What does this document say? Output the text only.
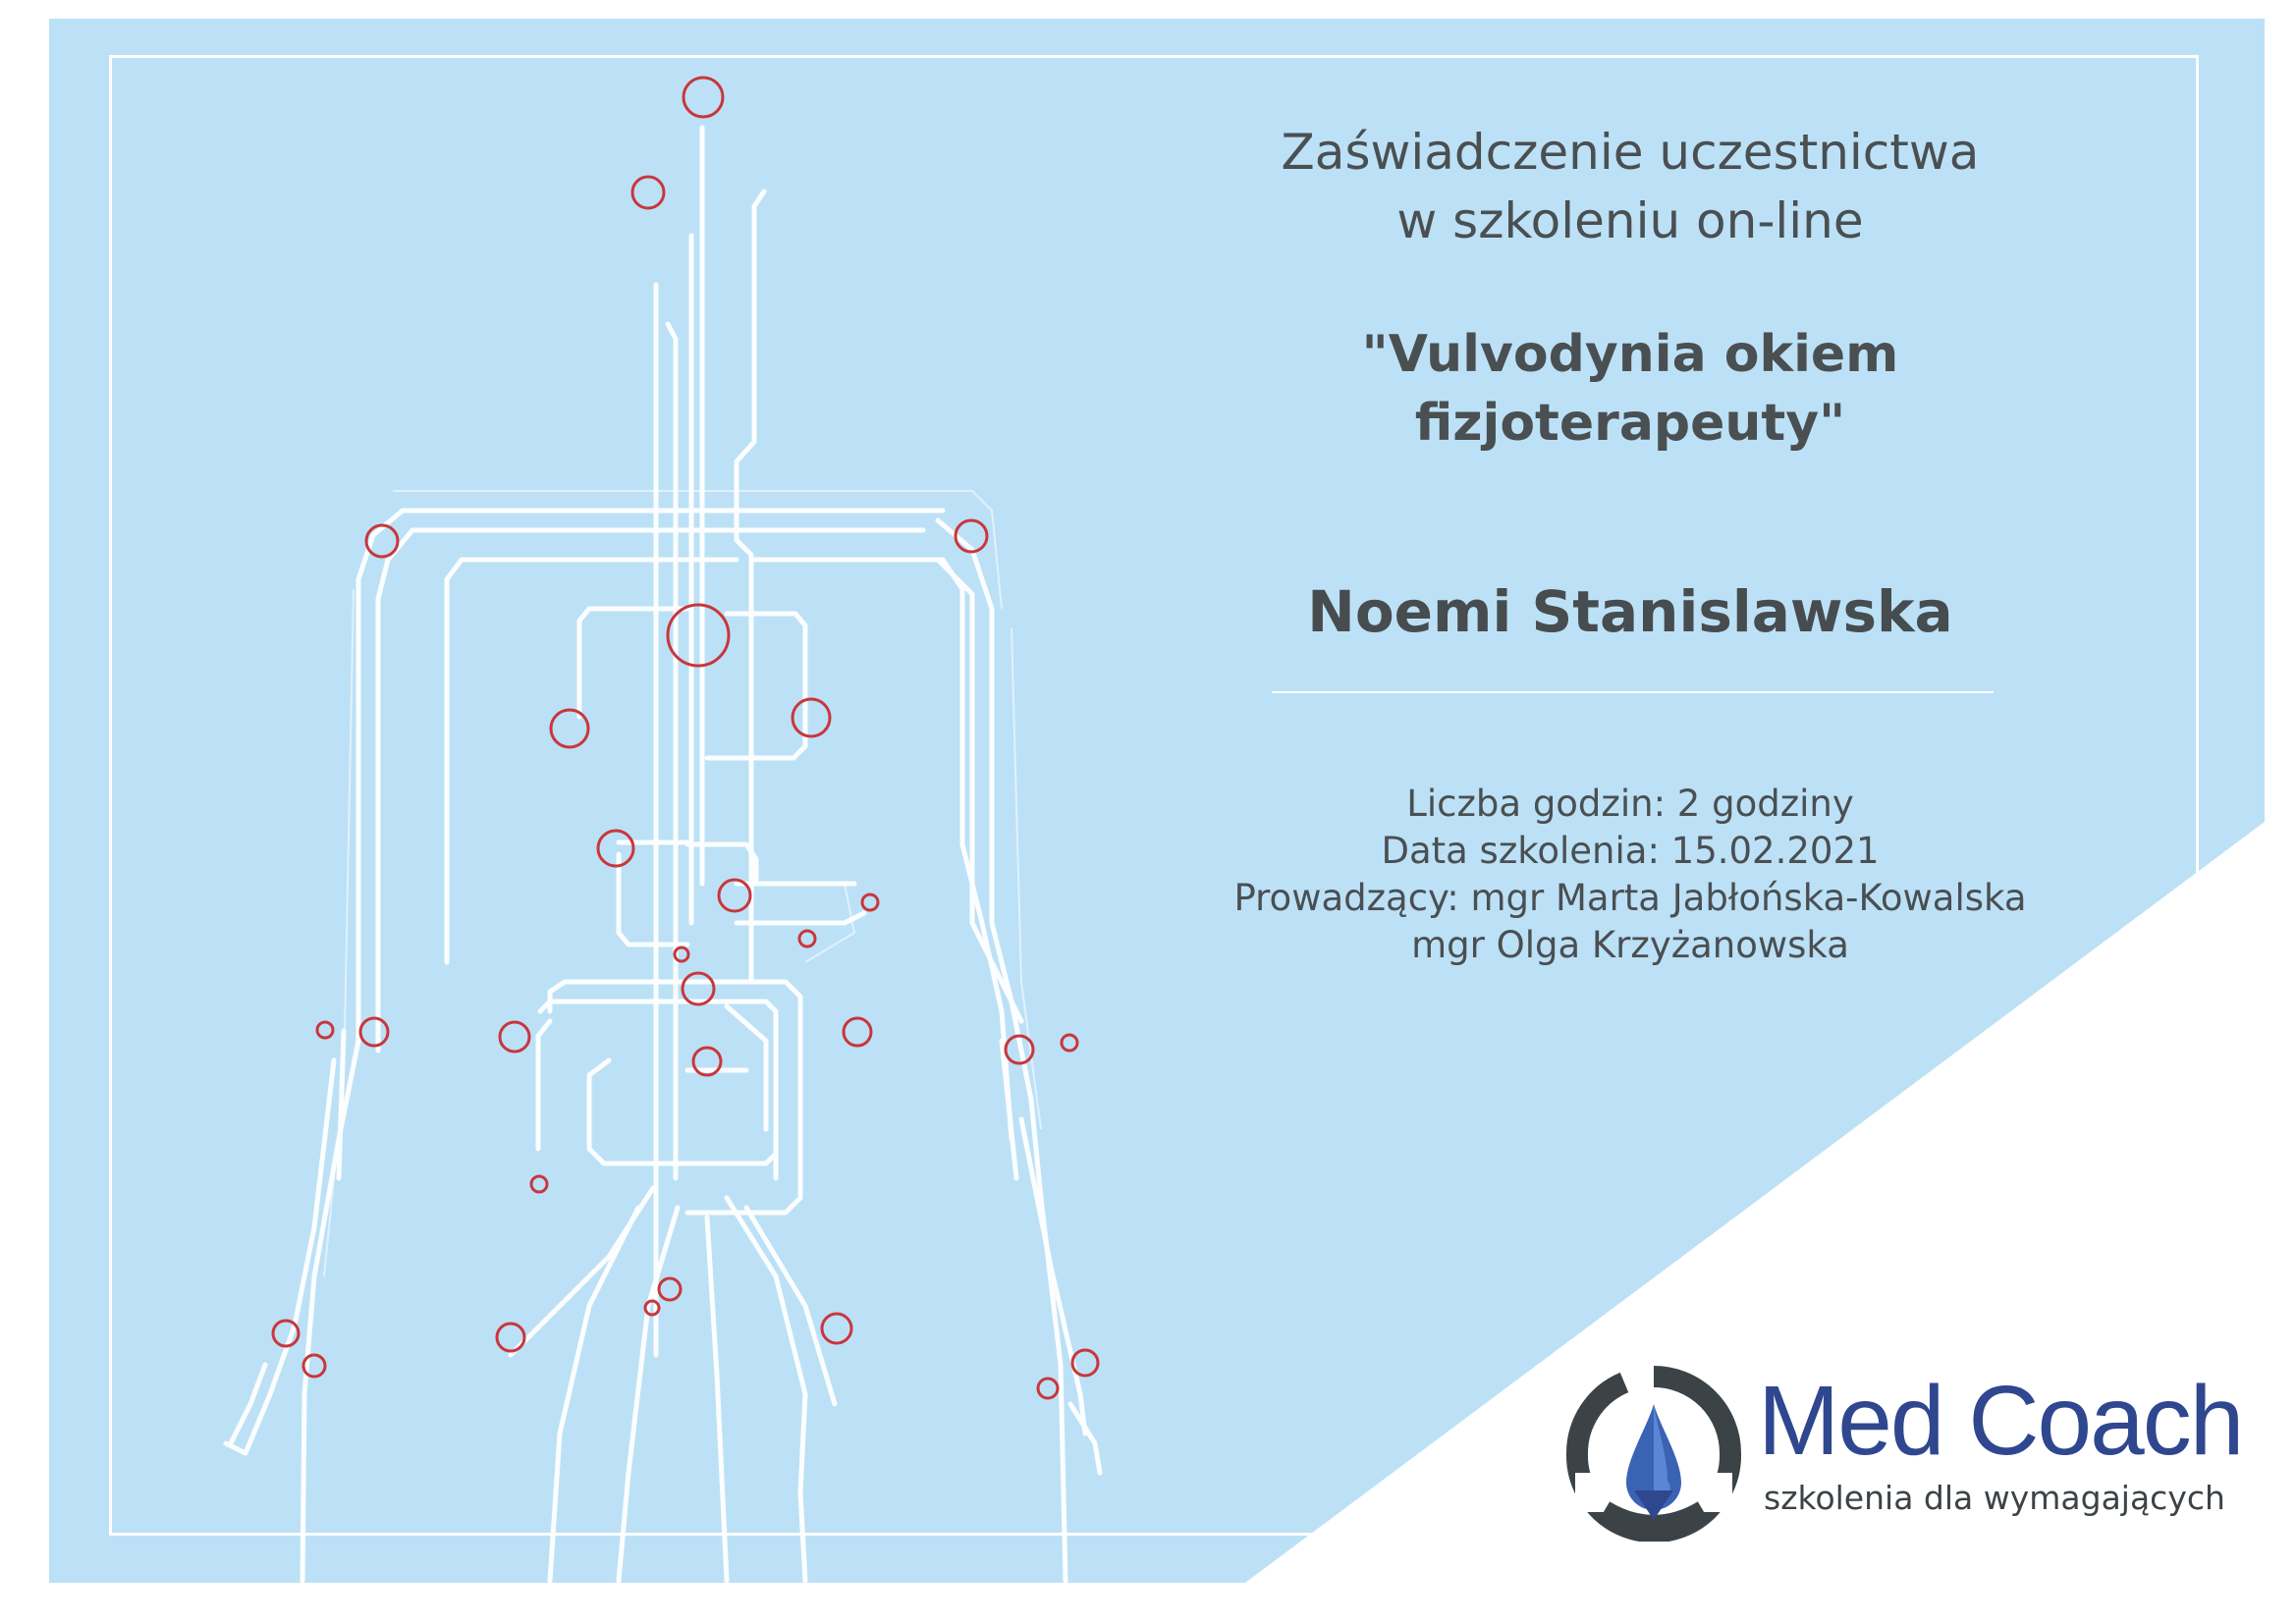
Zaświadczenie uczestnictwa
w szkoleniu on-line
"Vulvodynia okiem
fizjoterapeuty"
Noemi Stanislawska
Liczba godzin: 2 godziny
Data szkolenia: 15.02.2021
Prowadzący: mgr Marta Jabłońska-Kowalska
mgr Olga Krzyżanowska
Med Coach
szkolenia dla wymagających
